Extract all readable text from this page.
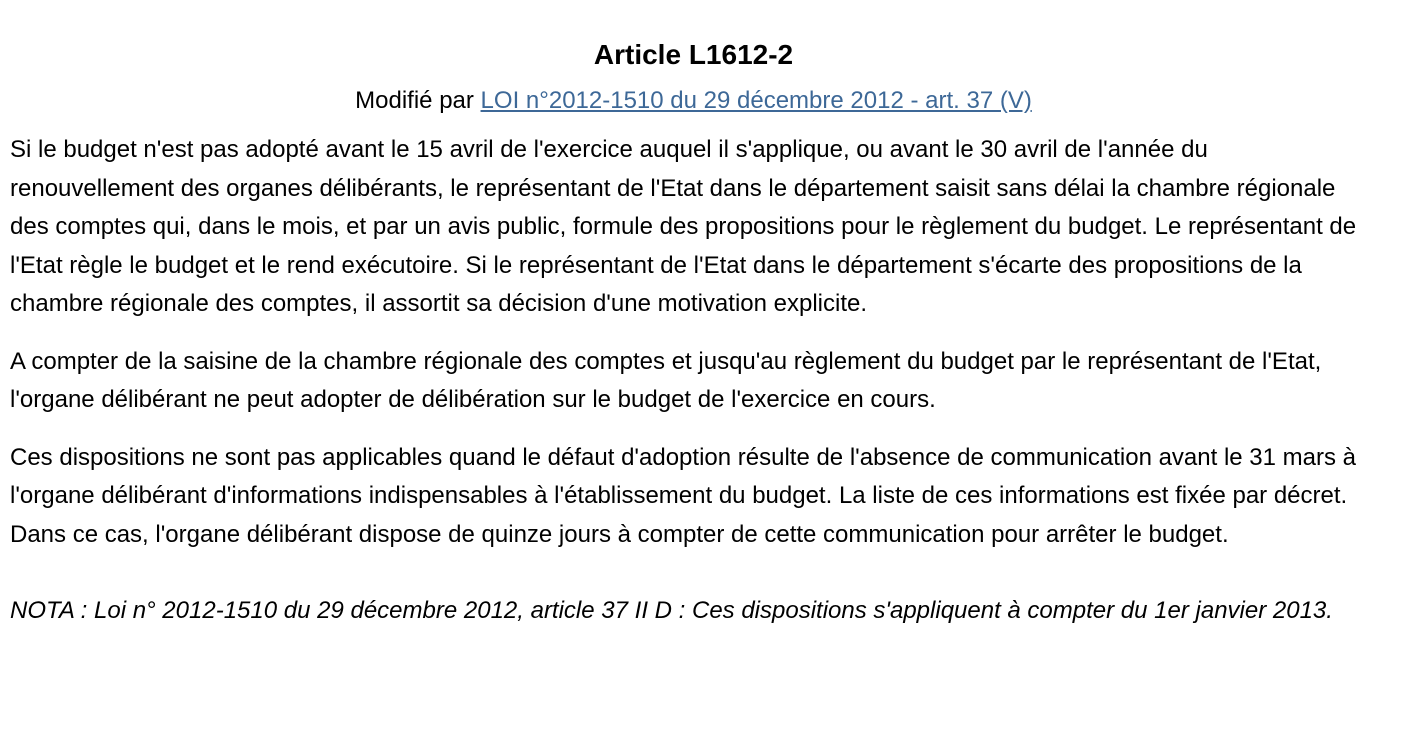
Article L1612-2

Modifié par LOI n°2012-1510 du 29 décembre 2012 - art. 37 (V)

Si le budget n'est pas adopté avant le 15 avril de l'exercice auquel il s'applique, ou avant le 30 avril de l'année du renouvellement des organes délibérants, le représentant de l'Etat dans le département saisit sans délai la chambre régionale des comptes qui, dans le mois, et par un avis public, formule des propositions pour le règlement du budget. Le représentant de l'Etat règle le budget et le rend exécutoire. Si le représentant de l'Etat dans le département s'écarte des propositions de la chambre régionale des comptes, il assortit sa décision d'une motivation explicite.

A compter de la saisine de la chambre régionale des comptes et jusqu'au règlement du budget par le représentant de l'Etat, l'organe délibérant ne peut adopter de délibération sur le budget de l'exercice en cours.

Ces dispositions ne sont pas applicables quand le défaut d'adoption résulte de l'absence de communication avant le 31 mars à l'organe délibérant d'informations indispensables à l'établissement du budget. La liste de ces informations est fixée par décret. Dans ce cas, l'organe délibérant dispose de quinze jours à compter de cette communication pour arrêter le budget.

NOTA : Loi n° 2012-1510 du 29 décembre 2012, article 37 II D : Ces dispositions s'appliquent à compter du 1er janvier 2013.
